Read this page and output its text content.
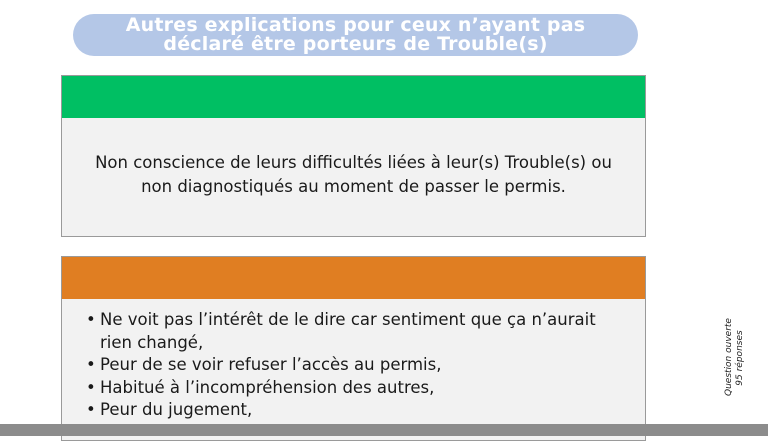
Autres explications pour ceux n’ayant pas
déclaré être porteurs de Trouble(s)
Non conscience de leurs difficultés liées à leur(s) Trouble(s) ou non diagnostiqués au moment de passer le permis.
• Ne voit pas l’intérêt de le dire car sentiment que ça n’aurait rien changé,
• Peur de se voir refuser l’accès au permis,
• Habitué à l’incompréhension des autres,
• Peur du jugement,
Question ouverte 95 réponses
